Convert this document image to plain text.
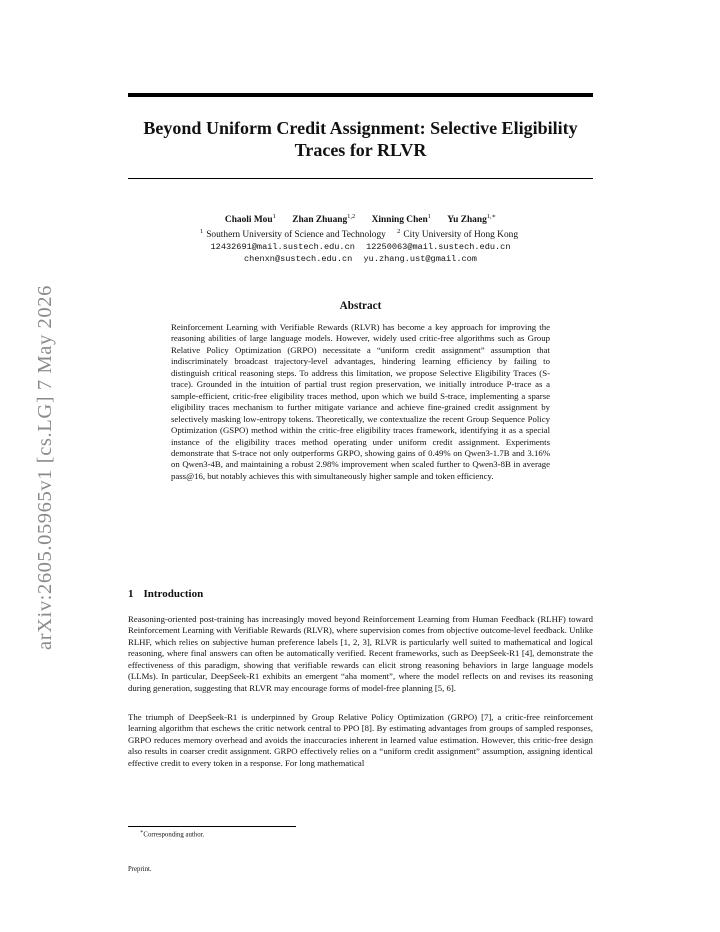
arXiv:2605.05965v1 [cs.LG] 7 May 2026
Beyond Uniform Credit Assignment: Selective Eligibility Traces for RLVR
Chaoli Mou$^1$ Zhan Zhuang$^{1,2}$ Xinning Chen$^1$ Yu Zhang$^{1,∗}$
$^1$ Southern University of Science and Technology $^2$ City University of Hong Kong
12432691@mail.sustech.edu.cn 12250063@mail.sustech.edu.cn
chenxn@sustech.edu.cn yu.zhang.ust@gmail.com
Abstract

Reinforcement Learning with Verifiable Rewards (RLVR) has become a key approach for improving the reasoning abilities of large language models. However, widely used critic-free algorithms such as Group Relative Policy Optimization (GRPO) necessitate a “uniform credit assignment” assumption that indiscriminately broadcast trajectory-level advantages, hindering learning efficiency by failing to distinguish critical reasoning steps. To address this limitation, we propose Selective Eligibility Traces (S-trace). Grounded in the intuition of partial trust region preservation, we initially introduce P-trace as a sample-efficient, critic-free eligibility traces method, upon which we build S-trace, implementing a sparse eligibility traces mechanism to further mitigate variance and achieve fine-grained credit assignment by selectively masking low-entropy tokens. Theoretically, we contextualize the recent Group Sequence Policy Optimization (GSPO) method within the critic-free eligibility traces framework, identifying it as a special instance of the eligibility traces method operating under uniform credit assignment. Experiments demonstrate that S-trace not only outperforms GRPO, showing gains of 0.49% on Qwen3-1.7B and 3.16% on Qwen3-4B, and maintaining a robust 2.98% improvement when scaled further to Qwen3-8B in average pass@16, but notably achieves this with simultaneously higher sample and token efficiency.

1 Introduction

Reasoning-oriented post-training has increasingly moved beyond Reinforcement Learning from Human Feedback (RLHF) toward Reinforcement Learning with Verifiable Rewards (RLVR), where supervision comes from objective outcome-level feedback. Unlike RLHF, which relies on subjective human preference labels [1, 2, 3], RLVR is particularly well suited to mathematical and logical reasoning, where final answers can often be automatically verified. Recent frameworks, such as DeepSeek-R1 [4], demonstrate the effectiveness of this paradigm, showing that verifiable rewards can elicit strong reasoning behaviors in large language models (LLMs). In particular, DeepSeek-R1 exhibits an emergent “aha moment”, where the model reflects on and revises its reasoning during generation, suggesting that RLVR may encourage forms of model-free planning [5, 6].

The triumph of DeepSeek-R1 is underpinned by Group Relative Policy Optimization (GRPO) [7], a critic-free reinforcement learning algorithm that eschews the critic network central to PPO [8]. By estimating advantages from groups of sampled responses, GRPO reduces memory overhead and avoids the inaccuracies inherent in learned value estimation. However, this critic-free design also results in coarser credit assignment. GRPO effectively relies on a “uniform credit assignment” assumption, assigning identical effective credit to every token in a response. For long mathematical

∗Corresponding author.
Preprint.
